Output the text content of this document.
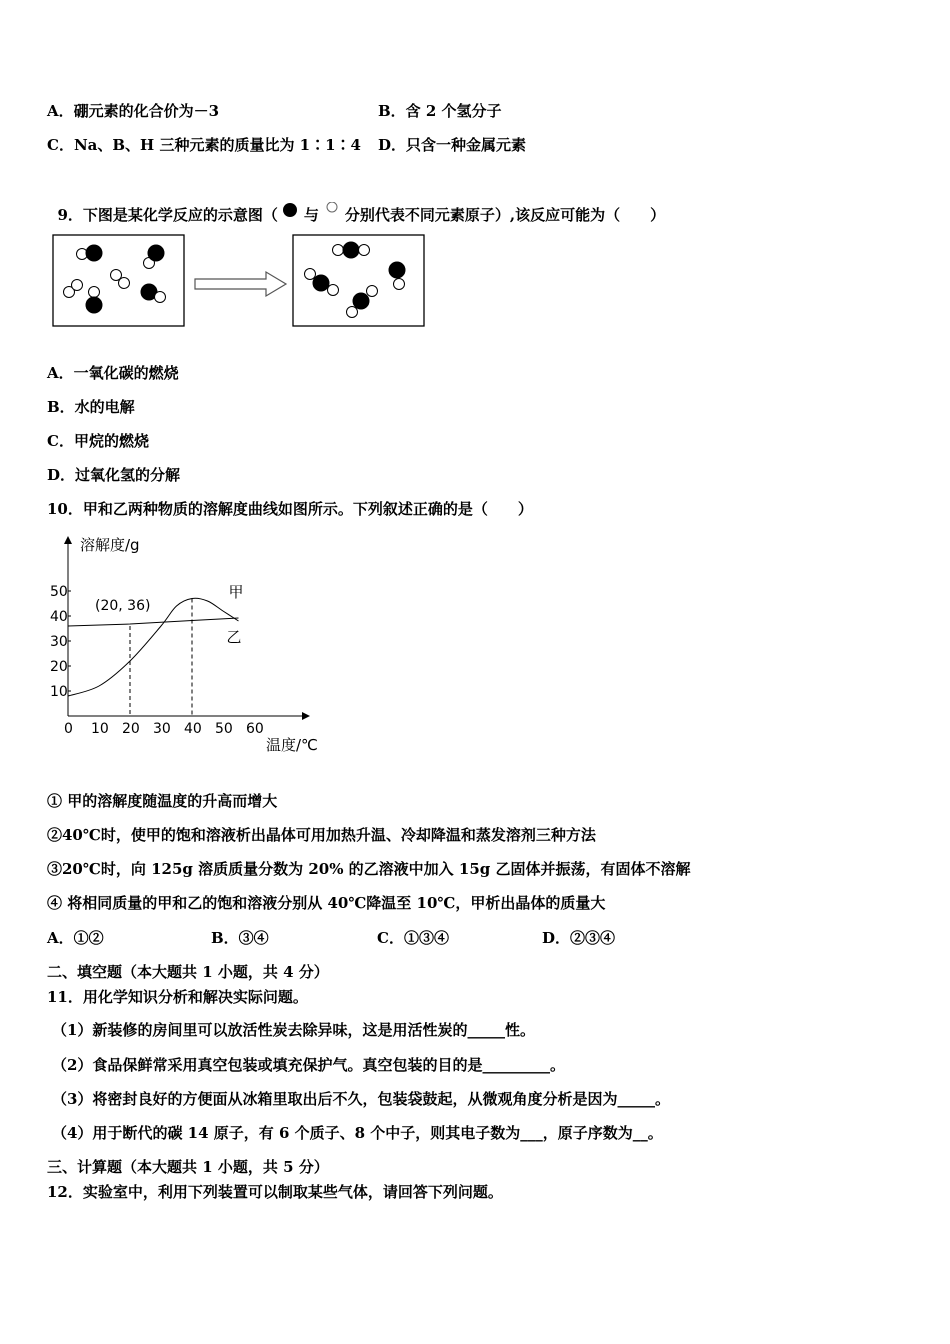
A．硼元素的化合价为－3	B．含 2 个氢分子
C．Na、B、H 三种元素的质量比为 1∶1∶4 D．只含一种金属元素

9．下图是某化学反应的示意图（ 与 分别代表不同元素原子）,该反应可能为（　　）

A．一氧化碳的燃烧
B．水的电解
C．甲烷的燃烧
D．过氧化氢的分解
10．甲和乙两种物质的溶解度曲线如图所示。下列叙述正确的是（　　）
溶解度/g
温度/℃
(20, 36)
0 10 20 30 40 50 60
10
20
30
40
50	甲
乙
① 甲的溶解度随温度的升高而增大
②40℃时，使甲的饱和溶液析出晶体可用加热升温、冷却降温和蒸发溶剂三种方法
③20℃时，向 125g 溶质质量分数为 20% 的乙溶液中加入 15g 乙固体并振荡，有固体不溶解
④ 将相同质量的甲和乙的饱和溶液分别从 40℃降温至 10℃，甲析出晶体的质量大
A．①②	B．③④	C．①③④	D．②③④
二、填空题（本大题共 1 小题，共 4 分）
11．用化学知识分析和解决实际问题。
（1）新装修的房间里可以放活性炭去除异味，这是用活性炭的_____性。
（2）食品保鲜常采用真空包装或填充保护气。真空包装的目的是_________。
（3）将密封良好的方便面从冰箱里取出后不久，包装袋鼓起，从微观角度分析是因为_____。
（4）用于断代的碳 14 原子，有 6 个质子、8 个中子，则其电子数为___，原子序数为__。
三、计算题（本大题共 1 小题，共 5 分）
12．实验室中，利用下列装置可以制取某些气体，请回答下列问题。
